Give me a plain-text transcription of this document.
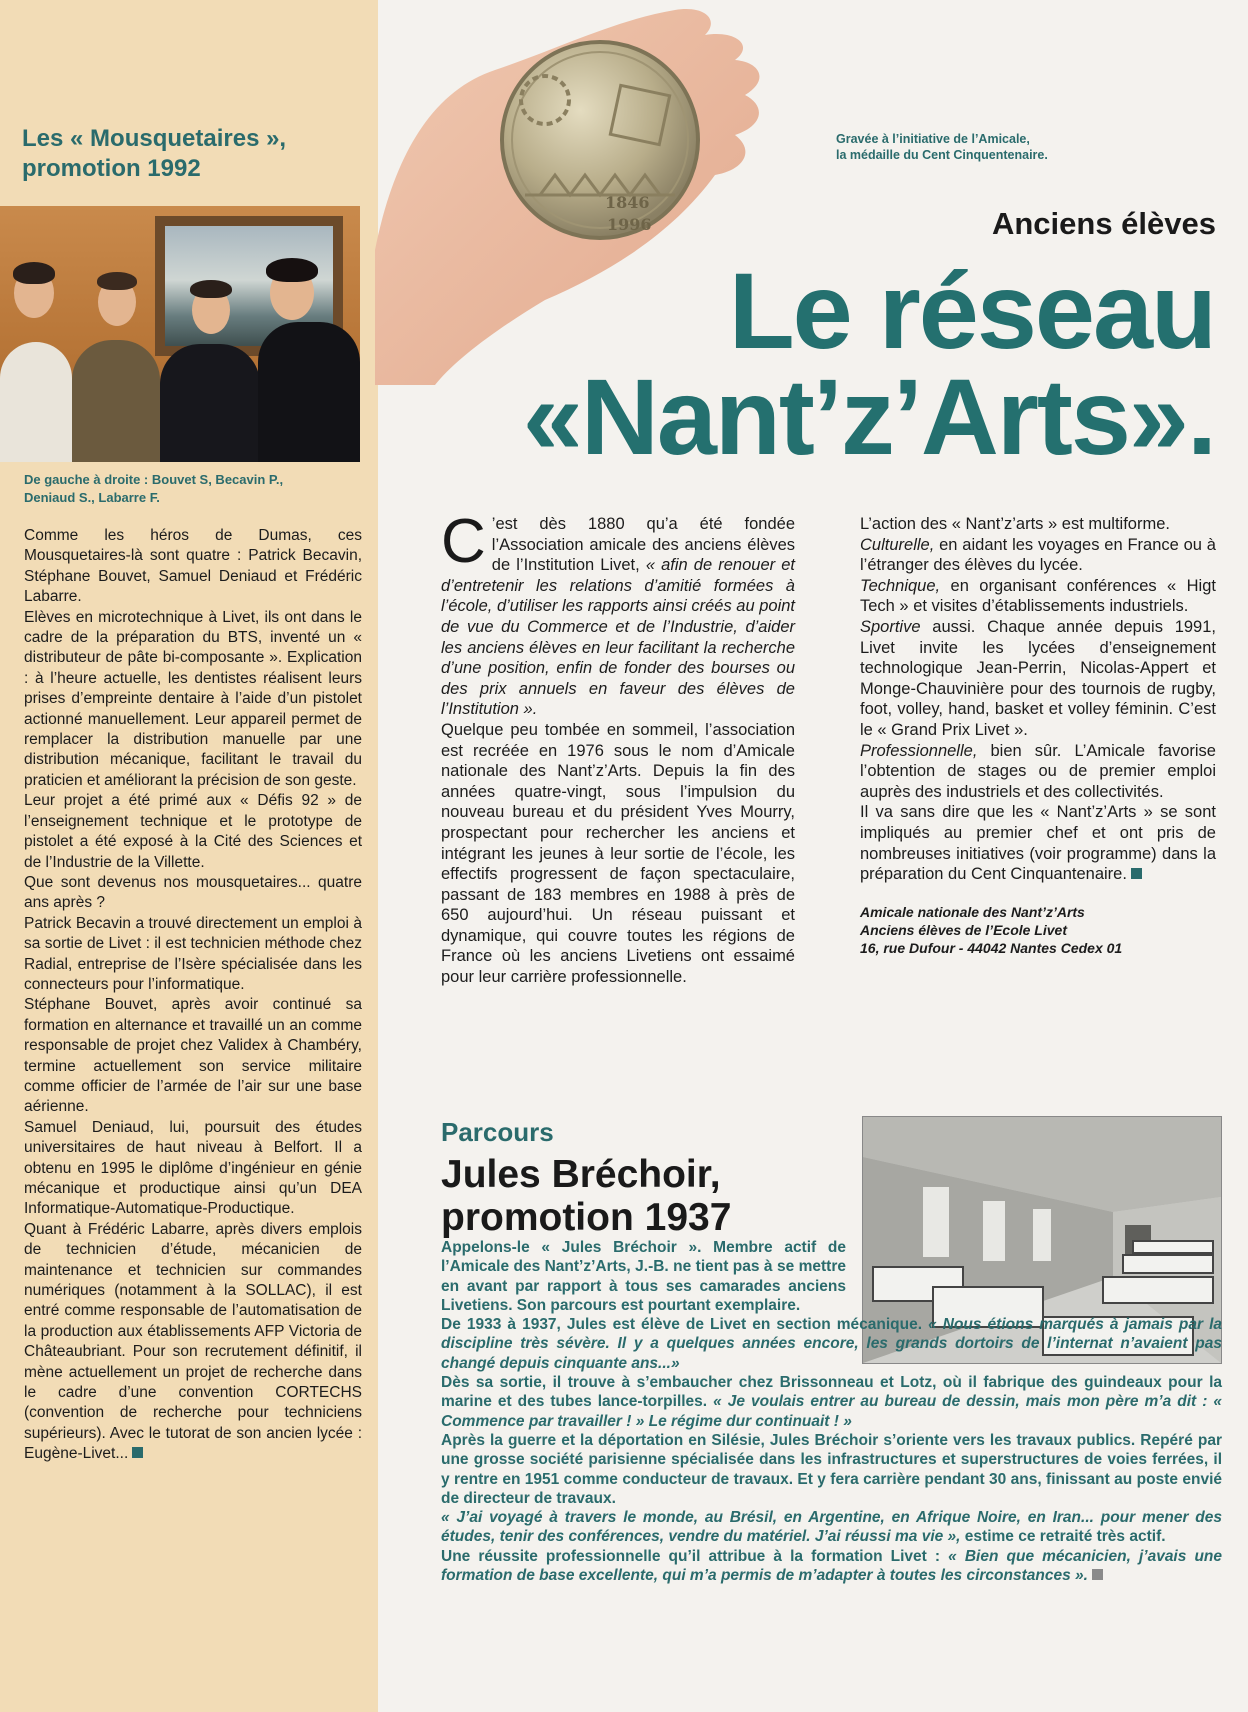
Les « Mousquetaires »,
promotion 1992
De gauche à droite : Bouvet S, Becavin P.,
Deniaud S., Labarre F.

Comme les héros de Dumas, ces Mousquetaires-là sont quatre : Patrick Becavin, Stéphane Bouvet, Samuel Deniaud et Frédéric Labarre.

Elèves en microtechnique à Livet, ils ont dans le cadre de la préparation du BTS, inventé un « distributeur de pâte bi-composante ». Explication : à l’heure actuelle, les dentistes réalisent leurs prises d’empreinte dentaire à l’aide d’un pistolet actionné manuellement. Leur appareil permet de remplacer la distribution manuelle par une distribution mécanique, facilitant le travail du praticien et améliorant la précision de son geste.

Leur projet a été primé aux « Défis 92 » de l’enseignement technique et le prototype de pistolet a été exposé à la Cité des Sciences et de l’Industrie de la Villette.

Que sont devenus nos mousquetaires... quatre ans après ?

Patrick Becavin a trouvé directement un emploi à sa sortie de Livet : il est technicien méthode chez Radial, entreprise de l’Isère spécialisée dans les connecteurs pour l’informatique.

Stéphane Bouvet, après avoir continué sa formation en alternance et travaillé un an comme responsable de projet chez Validex à Chambéry, termine actuellement son service militaire comme officier de l’armée de l’air sur une base aérienne.

Samuel Deniaud, lui, poursuit des études universitaires de haut niveau à Belfort. Il a obtenu en 1995 le diplôme d’ingénieur en génie mécanique et productique ainsi qu’un DEA Informatique-Automatique-Productique.

Quant à Frédéric Labarre, après divers emplois de technicien d’étude, mécanicien de maintenance et technicien sur commandes numériques (notamment à la SOLLAC), il est entré comme responsable de l’automatisation de la production aux établissements AFP Victoria de Châteaubriant. Pour son recrutement définitif, il mène actuellement un projet de recherche dans le cadre d’une convention CORTECHS (convention de recherche pour techniciens supérieurs). Avec le tutorat de son ancien lycée : Eugène-Livet...

1846
1996
Gravée à l’initiative de l’Amicale,
la médaille du Cent Cinquentenaire.
Anciens élèves
Le réseau
«Nant’z’Arts».

C ’est dès 1880 qu’a été fondée l’Association amicale des anciens élèves de l’Institution Livet, « afin de renouer et d’entretenir les relations d’amitié formées à l’école, d’utiliser les rapports ainsi créés au point de vue du Commerce et de l’Industrie, d’aider les anciens élèves en leur facilitant la recherche d’une position, enfin de fonder des bourses ou des prix annuels en faveur des élèves de l’Institution ».

Quelque peu tombée en sommeil, l’association est recréée en 1976 sous le nom d’Amicale nationale des Nant’z’Arts. Depuis la fin des années quatre-vingt, sous l’impulsion du nouveau bureau et du président Yves Mourry, prospectant pour rechercher les anciens et intégrant les jeunes à leur sortie de l’école, les effectifs progressent de façon spectaculaire, passant de 183 membres en 1988 à près de 650 aujourd’hui. Un réseau puissant et dynamique, qui couvre toutes les régions de France où les anciens Livetiens ont essaimé pour leur carrière professionnelle.

L’action des « Nant’z’arts » est multiforme.

Culturelle, en aidant les voyages en France ou à l’étranger des élèves du lycée.

Technique, en organisant conférences « Higt Tech » et visites d’établissements industriels.

Sportive aussi. Chaque année depuis 1991, Livet invite les lycées d’enseignement technologique Jean-Perrin, Nicolas-Appert et Monge-Chauvinière pour des tournois de rugby, foot, volley, hand, basket et volley féminin. C’est le « Grand Prix Livet ».

Professionnelle, bien sûr. L’Amicale favorise l’obtention de stages ou de premier emploi auprès des industriels et des collectivités.

Il va sans dire que les « Nant’z’Arts » se sont impliqués au premier chef et ont pris de nombreuses initiatives (voir programme) dans la préparation du Cent Cinquantenaire.

Amicale nationale des Nant’z’Arts
Anciens élèves de l’Ecole Livet
16, rue Dufour - 44042 Nantes Cedex 01

Parcours
Jules Bréchoir,
promotion 1937

Appelons-le « Jules Bréchoir ». Membre actif de l’Amicale des Nant’z’Arts, J.-B. ne tient pas à se mettre en avant par rapport à tous ses camarades anciens Livetiens. Son parcours est pourtant exemplaire.

De 1933 à 1937, Jules est élève de Livet en section mécanique. « Nous étions marqués à jamais par la discipline très sévère. Il y a quelques années encore, les grands dortoirs de l’internat n’avaient pas changé depuis cinquante ans...»

Dès sa sortie, il trouve à s’embaucher chez Brissonneau et Lotz, où il fabrique des guindeaux pour la marine et des tubes lance-torpilles. « Je voulais entrer au bureau de dessin, mais mon père m’a dit : « Commence par travailler ! » Le régime dur continuait ! »

Après la guerre et la déportation en Silésie, Jules Bréchoir s’oriente vers les travaux publics. Repéré par une grosse société parisienne spécialisée dans les infrastructures et superstructures de voies ferrées, il y rentre en 1951 comme conducteur de travaux. Et y fera carrière pendant 30 ans, finissant au poste envié de directeur de travaux.

« J’ai voyagé à travers le monde, au Brésil, en Argentine, en Afrique Noire, en Iran... pour mener des études, tenir des conférences, vendre du matériel. J’ai réussi ma vie », estime ce retraité très actif.

Une réussite professionnelle qu’il attribue à la formation Livet : « Bien que mécanicien, j’avais une formation de base excellente, qui m’a permis de m’adapter à toutes les circonstances ».
